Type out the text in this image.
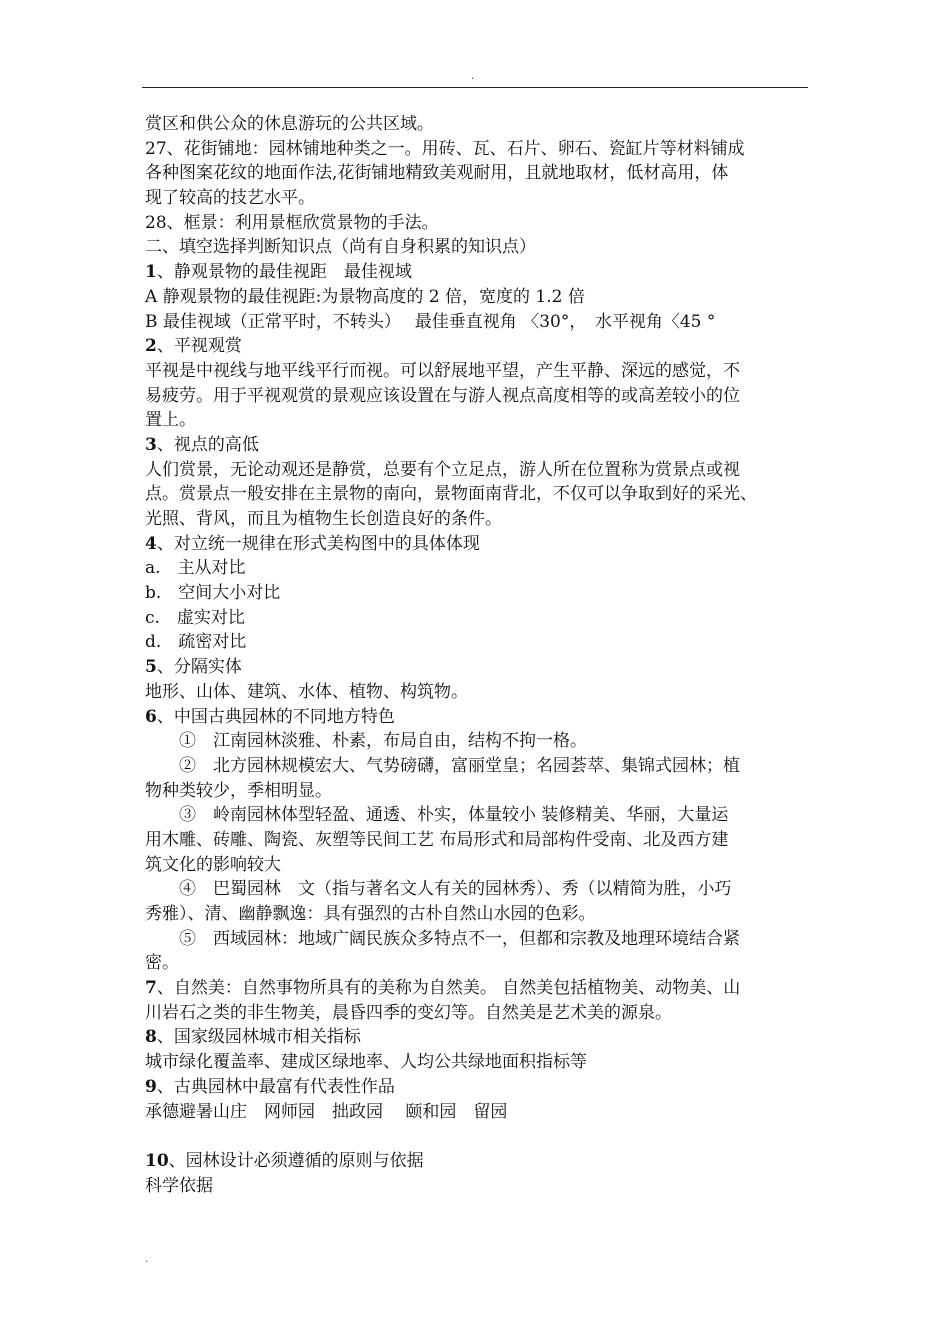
.
赏区和供公众的休息游玩的公共区域。
27、花街铺地：园林铺地种类之一。用砖、瓦、石片、卵石、瓷缸片等材料铺成
各种图案花纹的地面作法,花街铺地精致美观耐用，且就地取材，低材高用，体
现了较高的技艺水平。
28、框景：利用景框欣赏景物的手法。
二、填空选择判断知识点（尚有自身积累的知识点）
1、静观景物的最佳视距　最佳视域
A 静观景物的最佳视距:为景物高度的 2 倍，宽度的 1.2 倍
B 最佳视域（正常平时，不转头）　 最佳垂直视角 〈30°，　水平视角〈45 °
2、平视观赏
平视是中视线与地平线平行而视。可以舒展地平望，产生平静、深远的感觉，不
易疲劳。用于平视观赏的景观应该设置在与游人视点高度相等的或高差较小的位
置上。
3、视点的高低
人们赏景，无论动观还是静赏，总要有个立足点，游人所在位置称为赏景点或视
点。赏景点一般安排在主景物的南向，景物面南背北，不仅可以争取到好的采光、
光照、背风，而且为植物生长创造良好的条件。
4、对立统一规律在形式美构图中的具体体现
a.　主从对比
b.　空间大小对比
c.　虚实对比
d.　疏密对比
5、分隔实体
地形、山体、建筑、水体、植物、构筑物。
6、中国古典园林的不同地方特色
①　江南园林淡雅、朴素，布局自由，结构不拘一格。
②　北方园林规模宏大、气势磅礴，富丽堂皇；名园荟萃、集锦式园林；植
物种类较少，季相明显。
③　岭南园林体型轻盈、通透、朴实，体量较小 装修精美、华丽，大量运
用木雕、砖雕、陶瓷、灰塑等民间工艺 布局形式和局部构件受南、北及西方建
筑文化的影响较大
④　巴蜀园林　文（指与著名文人有关的园林秀）、秀（以精简为胜，小巧
秀雅）、清、幽静飘逸：具有强烈的古朴自然山水园的色彩。
⑤　西域园林：地域广阔民族众多特点不一，但都和宗教及地理环境结合紧
密。
7、自然美：自然事物所具有的美称为自然美。 自然美包括植物美、动物美、山
川岩石之类的非生物美，晨昏四季的变幻等。自然美是艺术美的源泉。
8、国家级园林城市相关指标
城市绿化覆盖率、建成区绿地率、人均公共绿地面积指标等
9、古典园林中最富有代表性作品
承德避暑山庄　网师园　拙政园　 颐和园　留园
10、园林设计必须遵循的原则与依据
科学依据
.
